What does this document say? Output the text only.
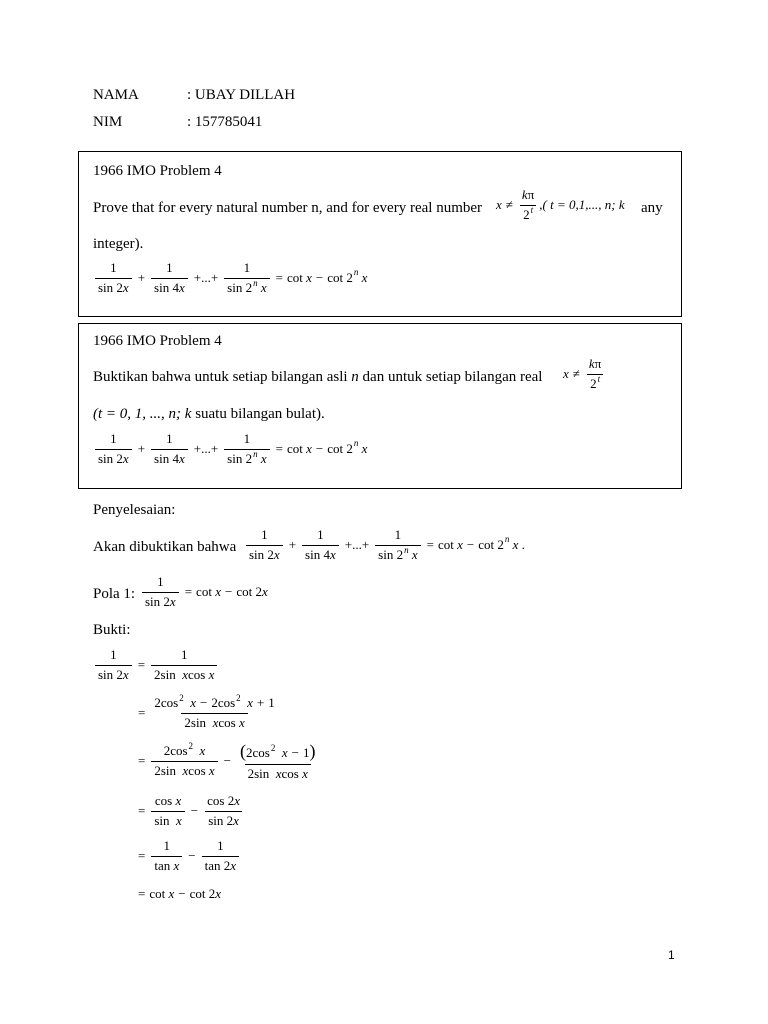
NAMA	: UBAY DILLAH
NIM	: 157785041
1966 IMO Problem 4
Prove that for every natural number n, and for every real number $x \ne \frac{k\pi}{2^t}$ ,( t = 0,1,..., n; k any
integer).
$\frac{1}{\sin 2x} + \frac{1}{\sin 4x}$ +...+ $\frac{1}{\sin 2^n x} = \cot x - \cot 2$ n x
1966 IMO Problem 4
Buktikan bahwa untuk setiap bilangan asli n dan untuk setiap bilangan real $x \ne \frac{k\pi}{2^t}$
(t = 0, 1, ..., n; k suatu bilangan bulat).
$\frac{1}{\sin 2x} + \frac{1}{\sin 4x}$ +...+ $\frac{1}{\sin 2^n x} = \cot x - \cot 2$ n x
Penyelesaian:
Akan dibuktikan bahwa $\frac{1}{\sin 2x} + \frac{1}{\sin 4x}$ +...+ $\frac{1}{\sin 2^n x} = \cot x - \cot 2$ n x .
Pola 1: $\frac{1}{\sin 2x} = \cot x - \cot 2$ x
Bukti:
$\frac{1}{\sin 2x} = \frac{1}{\text{2sin  xcos x}}$
= $\frac{2\cos^2 x - 2\cos^2 x + 1}{\text{2sin  xcos x}}$
= $\frac{2\cos^2 x}{\text{2sin  xcos x}} - \frac{(2\cos^2 x - 1)}{\text{2sin  xcos x}}$
= $\frac{\text{cos x}}{\text{sin  x}} - \frac{\cos 2x}{\sin 2x}$
= $\frac{1}{\text{tan x}} - \frac{1}{\tan 2x}$
= cot x − cot 2 x
1
